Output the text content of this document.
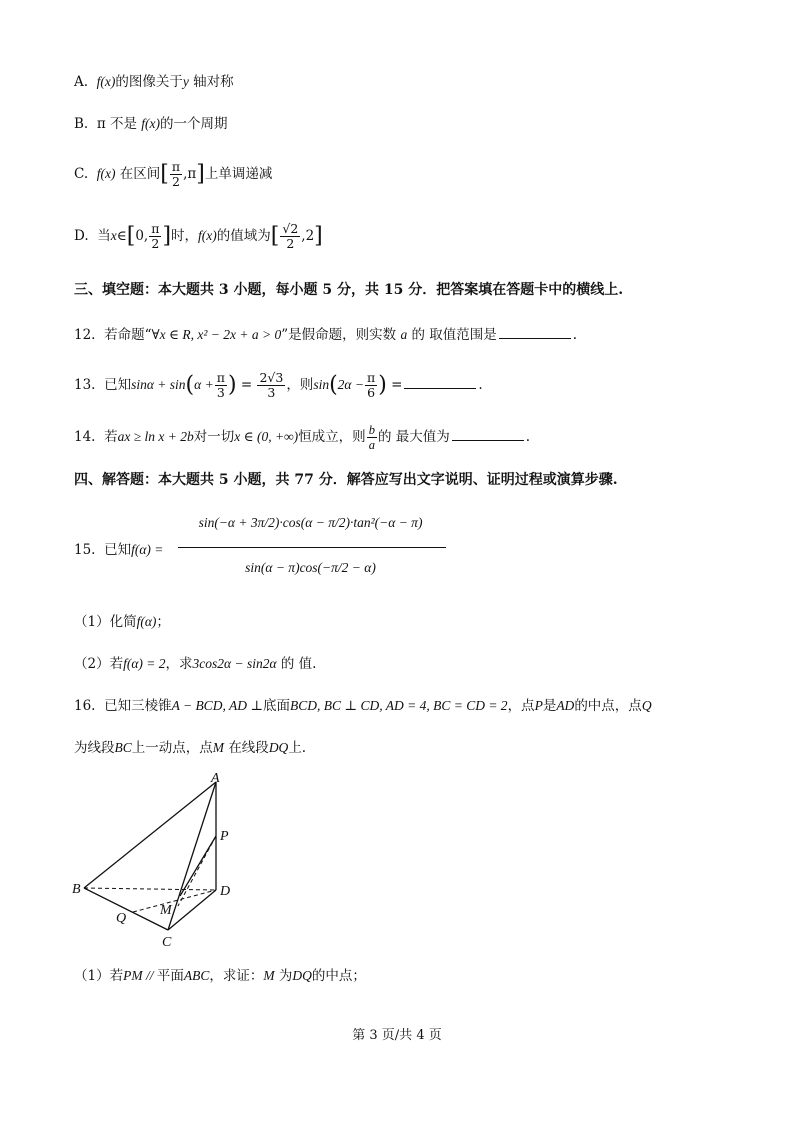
A. f(x)的图像关于y 轴对称
B. π 不是 f(x)的一个周期
C. f(x) 在区间[ $\frac{\pi}{2} ,\pi$]上单调递减
D. 当x∈[0, $\frac{\pi}{2}$ ]时，f(x)的值域为[ $\frac{√2}{2} ,2$]
三、填空题：本大题共 3 小题，每小题 5 分，共 15 分．把答案填在答题卡中的横线上.
12. 若命题“∀x ∈ R, x² − 2x + a > 0”是假命题，则实数 a 的 取值范围是	.
13. 已知$\sin\alpha + \sin(\alpha + \frac{\pi}{3}$ ) = $\frac{2√3}{3}$ ，则$\sin(2\alpha - \frac{\pi}{6}$ ) =	.
14. 若ax ≥ ln x + 2b对一切x ∈ (0, +∞)恒成立，则 $\frac{b}{a}$ 的 最大值为	.
四、解答题：本大题共 5 小题，共 77 分．解答应写出文字说明、证明过程或演算步骤.
15. 已知f(α) =
sin(−α + 3π/2)·cos(α − π/2)·tan²(−α − π)
sin(α − π)cos(−π/2 − α)
（1）化简f(α)；
（2）若f(α) = 2，求3cos2α − sin2α 的 值.
16. 已知三棱锥A − BCD, AD ⊥底面BCD, BC ⊥ CD, AD = 4, BC = CD = 2，点P是AD的中点，点Q
为线段BC上一动点，点M 在线段DQ上.
A
P
B	D
M
Q
C
（1）若PM // 平面ABC，求证：M 为DQ的中点；
第 3 页/共 4 页
